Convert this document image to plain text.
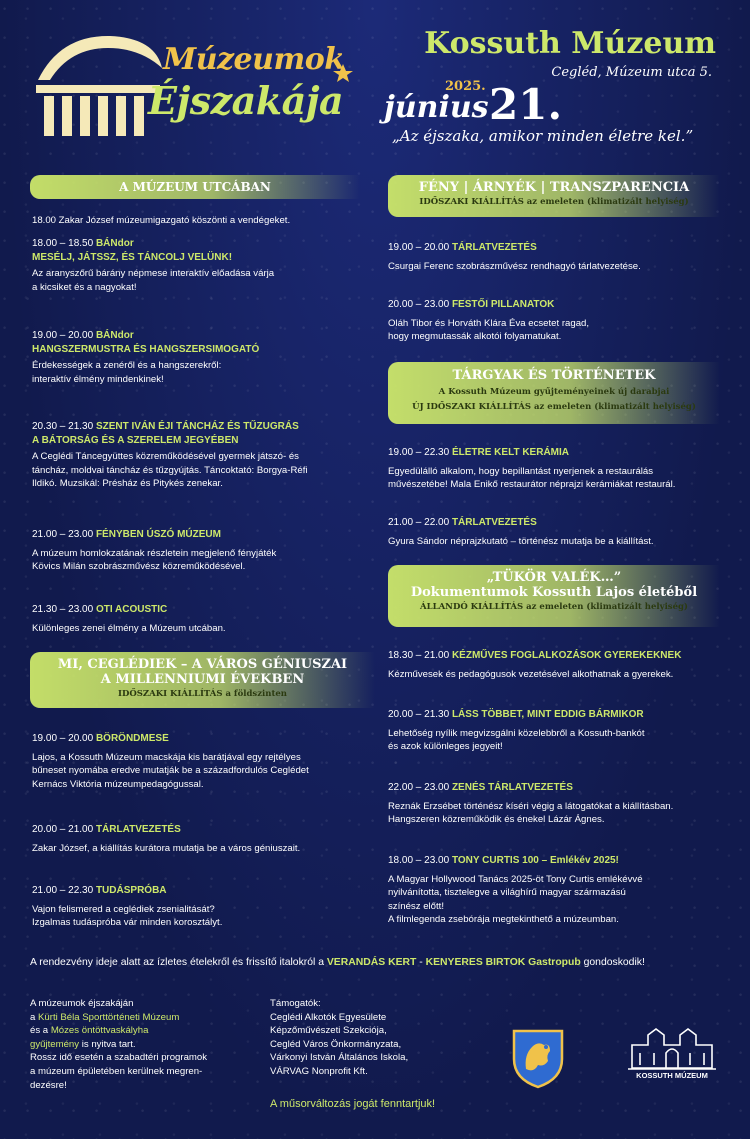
Múzeumok
Éjszakája
Kossuth Múzeum
Cegléd, Múzeum utca 5.
2025.
június 21.
„Az éjszaka, amikor minden életre kel.”
A MÚZEUM UTCÁBAN

18.00 Zakar József múzeumigazgató köszönti a vendégeket.

18.00 – 18.50 BÁNdor

MESÉLJ, JÁTSSZ, ÉS TÁNCOLJ VELÜNK!

Az aranyszőrű bárány népmese interaktív előadása várja

a kicsiket és a nagyokat!

19.00 – 20.00 BÁNdor

HANGSZERMUSTRA ÉS HANGSZERSIMOGATÓ

Érdekességek a zenéről és a hangszerekről:

interaktív élmény mindenkinek!

20.30 – 21.30 SZENT IVÁN ÉJI TÁNCHÁZ ÉS TŰZUGRÁS

A BÁTORSÁG ÉS A SZERELEM JEGYÉBEN

A Ceglédi Táncegyüttes közreműködésével gyermek játszó- és

táncház, moldvai táncház és tűzgyújtás. Táncoktató: Borgya-Réfi

Ildikó. Muzsikál: Présház és Pitykés zenekar.

21.00 – 23.00 FÉNYBEN ÚSZÓ MÚZEUM

A múzeum homlokzatának részletein megjelenő fényjáték

Kövics Milán szobrászművész közreműködésével.

21.30 – 23.00 OTI ACOUSTIC

Különleges zenei élmény a Múzeum utcában.

MI, CEGLÉDIEK – A VÁROS GÉNIUSZAI
A MILLENNIUMI ÉVEKBEN
IDŐSZAKI KIÁLLÍTÁS a földszinten

19.00 – 20.00 BÖRÖNDMESE

Lajos, a Kossuth Múzeum macskája kis barátjával egy rejtélyes

bűneset nyomába eredve mutatják be a századfordulós Ceglédet

Kernács Viktória múzeumpedagógussal.

20.00 – 21.00 TÁRLATVEZETÉS

Zakar József, a kiállítás kurátora mutatja be a város géniuszait.

21.00 – 22.30 TUDÁSPRÓBA

Vajon felismered a ceglédiek zsenialitását?

Izgalmas tudáspróba vár minden korosztályt.

FÉNY | ÁRNYÉK | TRANSZPARENCIA
IDŐSZAKI KIÁLLÍTÁS az emeleten (klimatizált helyiség)

19.00 – 20.00 TÁRLATVEZETÉS

Csurgai Ferenc szobrászművész rendhagyó tárlatvezetése.

20.00 – 23.00 FESTŐI PILLANATOK

Oláh Tibor és Horváth Klára Éva ecsetet ragad,

hogy megmutassák alkotói folyamatukat.

TÁRGYAK ÉS TÖRTÉNETEK
A Kossuth Múzeum gyűjteményeinek új darabjai
ÚJ IDŐSZAKI KIÁLLÍTÁS az emeleten (klimatizált helyiség)

19.00 – 22.30 ÉLETRE KELT KERÁMIA

Egyedülálló alkalom, hogy bepillantást nyerjenek a restaurálás

művészetébe! Mala Enikő restaurátor néprajzi kerámiákat restaurál.

21.00 – 22.00 TÁRLATVEZETÉS

Gyura Sándor néprajzkutató – történész mutatja be a kiállítást.

„TÜKÖR VALÉK…”
Dokumentumok Kossuth Lajos életéből
ÁLLANDÓ KIÁLLÍTÁS az emeleten (klimatizált helyiség)

18.30 – 21.00 KÉZMŰVES FOGLALKOZÁSOK GYEREKEKNEK

Kézművesek és pedagógusok vezetésével alkothatnak a gyerekek.

20.00 – 21.30 LÁSS TÖBBET, MINT EDDIG BÁRMIKOR

Lehetőség nyílik megvizsgálni közelebbről a Kossuth-bankót

és azok különleges jegyeit!

22.00 – 23.00 ZENÉS TÁRLATVEZETÉS

Reznák Erzsébet történész kíséri végig a látogatókat a kiállításban.

Hangszeren közreműködik és énekel Lázár Ágnes.

18.00 – 23.00 TONY CURTIS 100 – Emlékév 2025!

A Magyar Hollywood Tanács 2025-öt Tony Curtis emlékévvé

nyilvánította, tisztelegve a világhírű magyar származású

színész előtt!

A filmlegenda zsebórája megtekinthető a múzeumban.

A rendezvény ideje alatt az ízletes ételekről és frissítő italokról a VERANDÁS KERT - KENYERES BIRTOK Gastropub gondoskodik!

A múzeumok éjszakáján

a Kürti Béla Sporttörténeti Múzeum

és a Mózes öntöttvaskályha

gyűjtemény is nyitva tart.

Rossz idő esetén a szabadtéri programok

a múzeum épületében kerülnek megren-

dezésre!

Támogatók:

Ceglédi Alkotók Egyesülete

Képzőművészeti Szekciója,

Cegléd Város Önkormányzata,

Várkonyi István Általános Iskola,

VÁRVAG Nonprofit Kft.

A műsorváltozás jogát fenntartjuk!
KOSSUTH MÚZEUM
